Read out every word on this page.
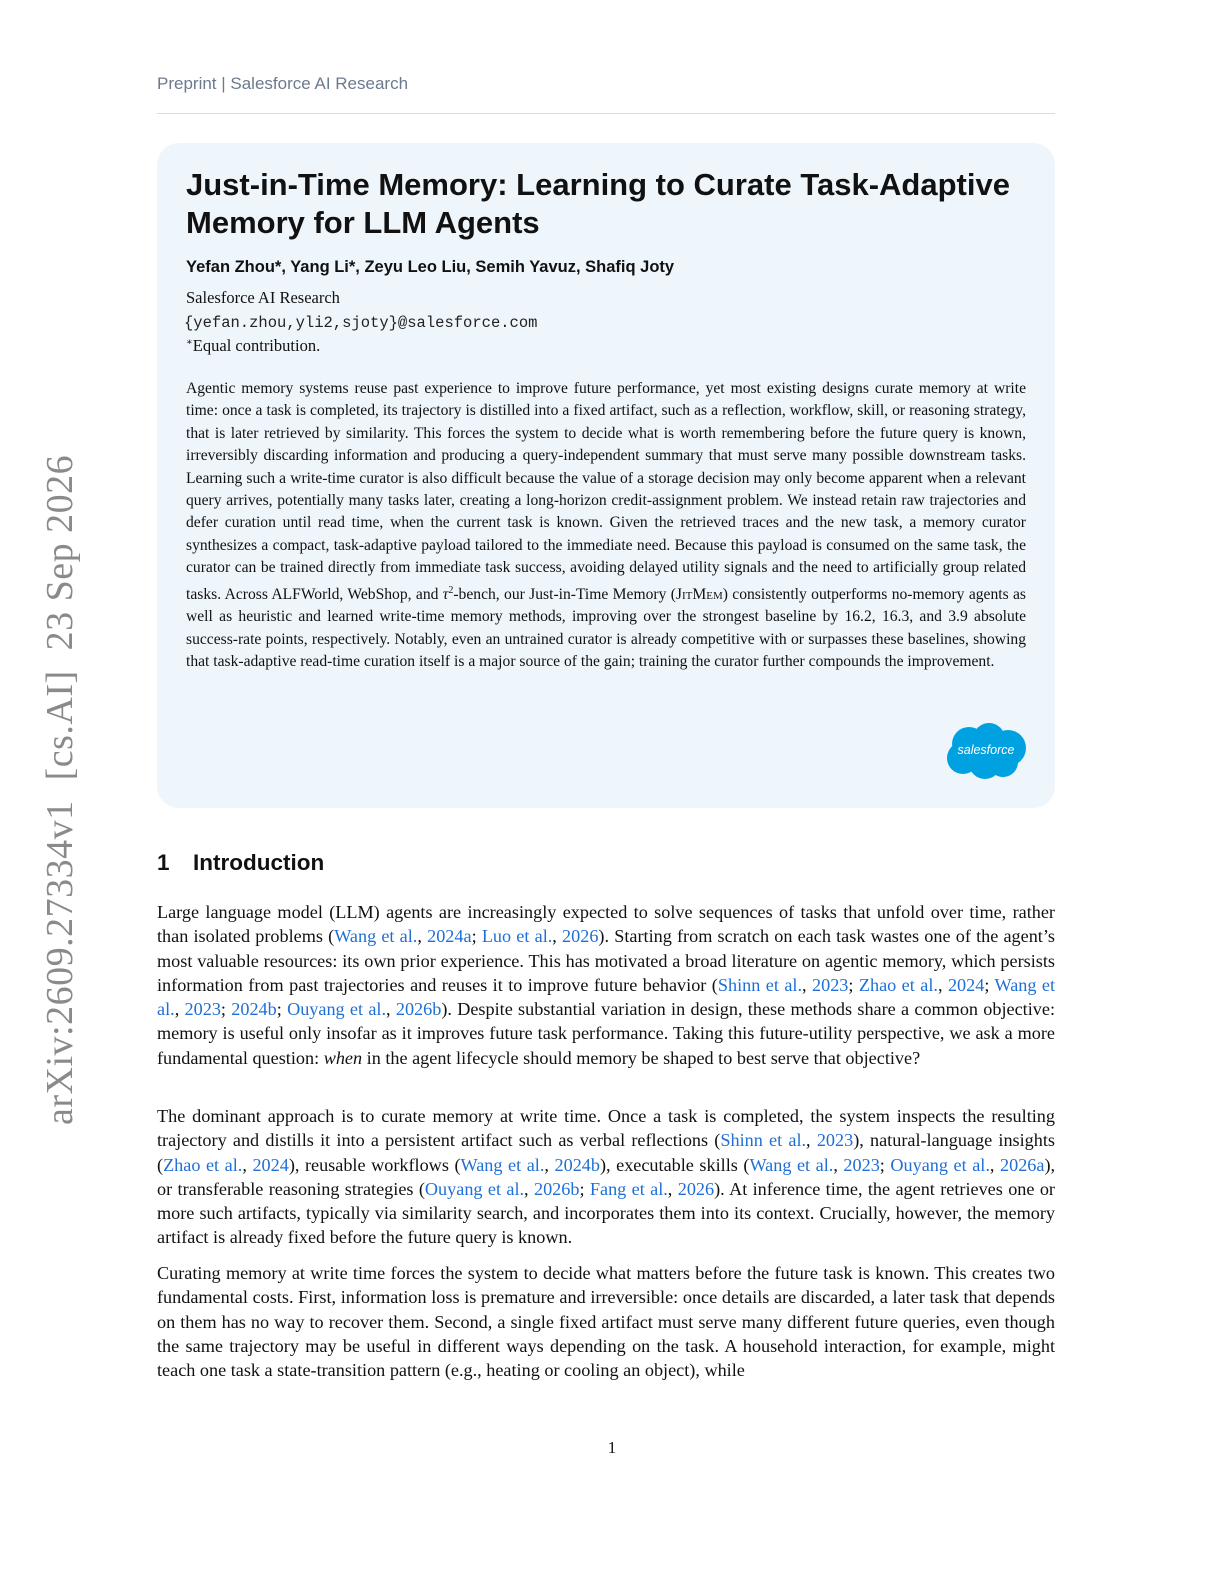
Preprint | Salesforce AI Research
arXiv:2609.27334v1  [cs.AI]  23 Sep 2026
Just-in-Time Memory: Learning to Curate Task-Adaptive Memory for LLM Agents
Yefan Zhou*, Yang Li*, Zeyu Leo Liu, Semih Yavuz, Shafiq Joty
Salesforce AI Research
{yefan.zhou,yli2,sjoty}@salesforce.com
∗Equal contribution.

Agentic memory systems reuse past experience to improve future performance, yet most existing designs curate memory at write time: once a task is completed, its trajectory is distilled into a fixed artifact, such as a reflection, workflow, skill, or reasoning strategy, that is later retrieved by similarity. This forces the system to decide what is worth remembering before the future query is known, irreversibly discarding information and producing a query-independent summary that must serve many possible downstream tasks. Learning such a write-time curator is also difficult because the value of a storage decision may only become apparent when a relevant query arrives, potentially many tasks later, creating a long-horizon credit-assignment problem. We instead retain raw trajectories and defer curation until read time, when the current task is known. Given the retrieved traces and the new task, a memory curator synthesizes a compact, task-adaptive payload tailored to the immediate need. Because this payload is consumed on the same task, the curator can be trained directly from immediate task success, avoiding delayed utility signals and the need to artificially group related tasks. Across ALFWorld, WebShop, and $\tau^2$-bench, our Just-in-Time Memory (JitMem) consistently outperforms no-memory agents as well as heuristic and learned write-time memory methods, improving over the strongest baseline by 16.2, 16.3, and 3.9 absolute success-rate points, respectively. Notably, even an untrained curator is already competitive with or surpasses these baselines, showing that task-adaptive read-time curation itself is a major source of the gain; training the curator further compounds the improvement.

salesforce
1 Introduction

Large language model (LLM) agents are increasingly expected to solve sequences of tasks that unfold over time, rather than isolated problems (Wang et al., 2024a; Luo et al., 2026). Starting from scratch on each task wastes one of the agent’s most valuable resources: its own prior experience. This has motivated a broad literature on agentic memory, which persists information from past trajectories and reuses it to improve future behavior (Shinn et al., 2023; Zhao et al., 2024; Wang et al., 2023; 2024b; Ouyang et al., 2026b). Despite substantial variation in design, these methods share a common objective: memory is useful only insofar as it improves future task performance. Taking this future-utility perspective, we ask a more fundamental question: when in the agent lifecycle should memory be shaped to best serve that objective?

The dominant approach is to curate memory at write time. Once a task is completed, the system inspects the resulting trajectory and distills it into a persistent artifact such as verbal reflections (Shinn et al., 2023), natural-language insights (Zhao et al., 2024), reusable workflows (Wang et al., 2024b), executable skills (Wang et al., 2023; Ouyang et al., 2026a), or transferable reasoning strategies (Ouyang et al., 2026b; Fang et al., 2026). At inference time, the agent retrieves one or more such artifacts, typically via similarity search, and incorporates them into its context. Crucially, however, the memory artifact is already fixed before the future query is known.

Curating memory at write time forces the system to decide what matters before the future task is known. This creates two fundamental costs. First, information loss is premature and irreversible: once details are discarded, a later task that depends on them has no way to recover them. Second, a single fixed artifact must serve many different future queries, even though the same trajectory may be useful in different ways depending on the task. A household interaction, for example, might teach one task a state-transition pattern (e.g., heating or cooling an object), while

1
